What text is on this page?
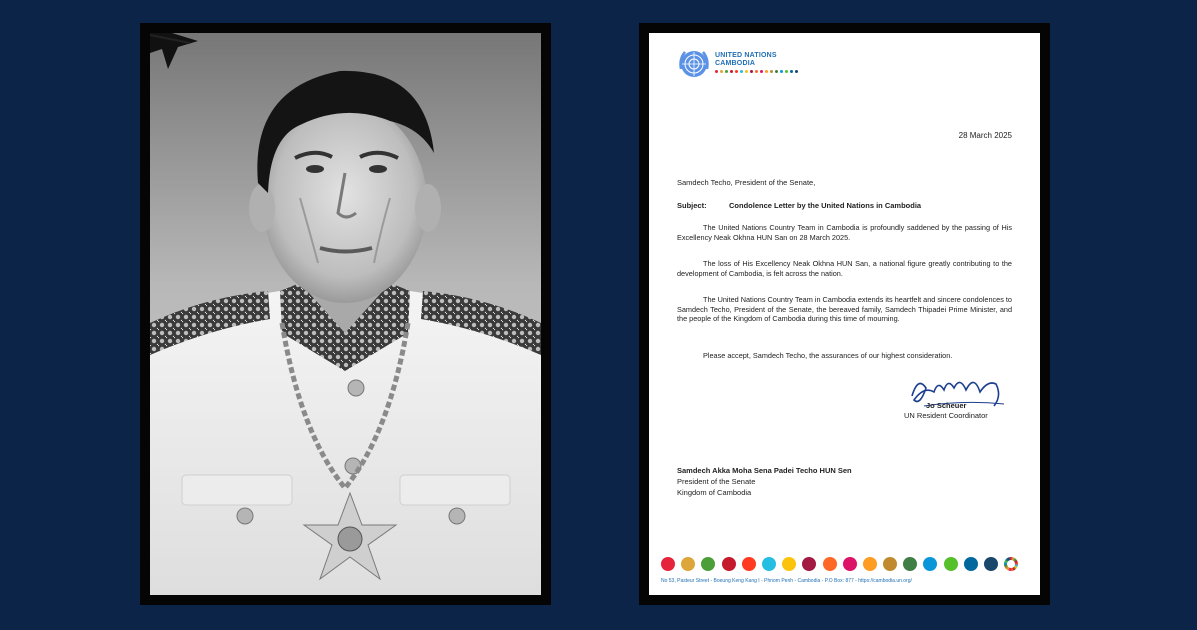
UNITED NATIONS
CAMBODIA
28 March 2025
Samdech Techo, President of the Senate,
Subject:	Condolence Letter by the United Nations in Cambodia
The United Nations Country Team in Cambodia is profoundly saddened by the passing of His Excellency Neak Okhna HUN San on 28 March 2025.
The loss of His Excellency Neak Okhna HUN San, a national figure greatly contributing to the development of Cambodia, is felt across the nation.
The United Nations Country Team in Cambodia extends its heartfelt and sincere condolences to Samdech Techo, President of the Senate, the bereaved family, Samdech Thipadei Prime Minister, and the people of the Kingdom of Cambodia during this time of mourning.
Please accept, Samdech Techo, the assurances of our highest consideration.
Jo Scheuer
UN Resident Coordinator
Samdech Akka Moha Sena Padei Techo HUN Sen
President of the Senate
Kingdom of Cambodia
No 53, Pasteur Street - Boeung Keng Kang I - Phnom Penh - Cambodia - P.O Box: 877 - https://cambodia.un.org/
